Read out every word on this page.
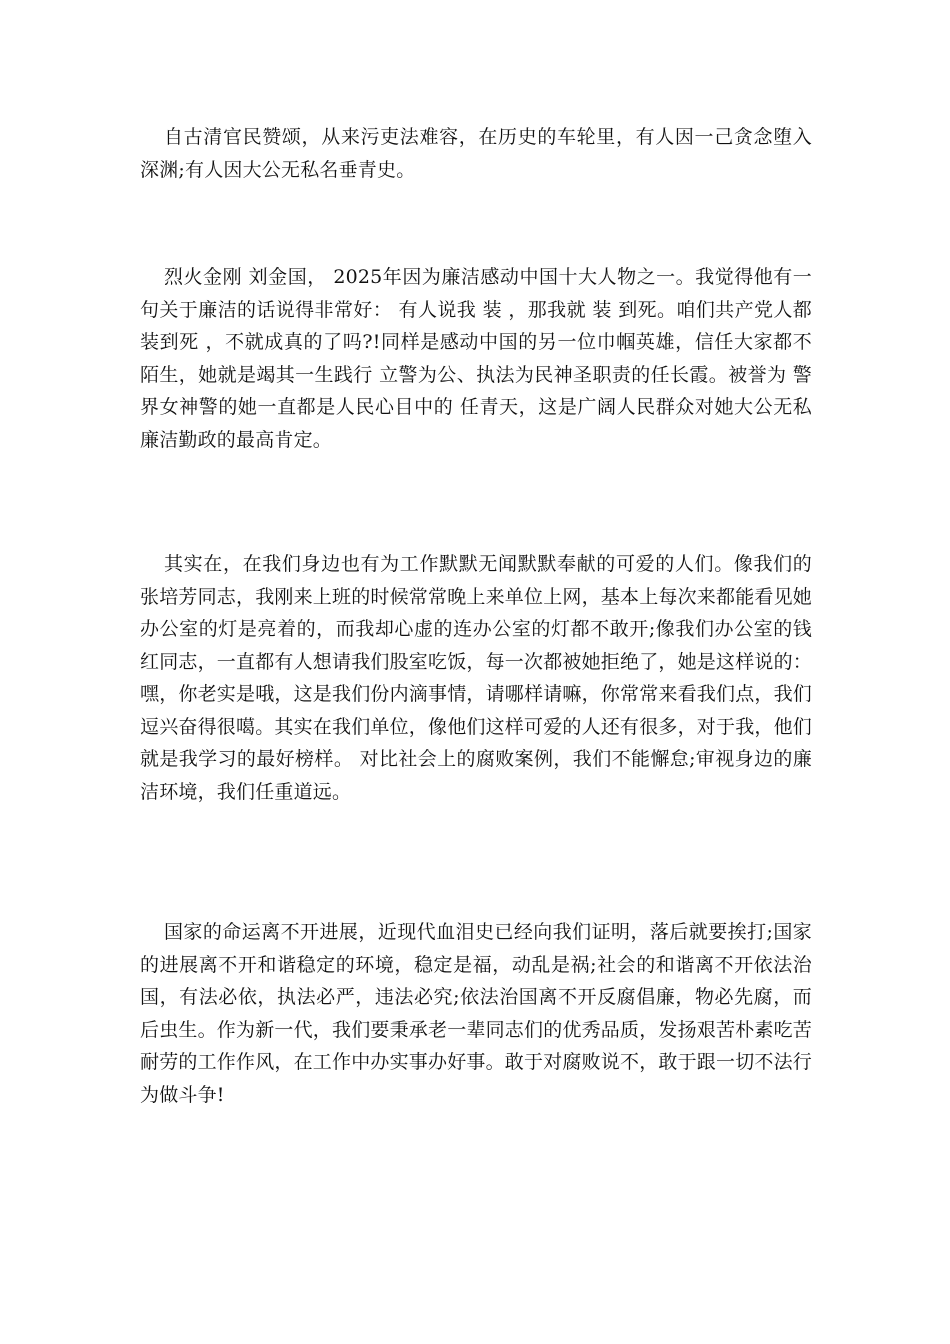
自古清官民赞颂，从来污吏法难容，在历史的车轮里，有人因一己贪念堕入深渊;有人因大公无私名垂青史。

烈火金刚 刘金国， 2025年因为廉洁感动中国十大人物之一。我觉得他有一句关于廉洁的话说得非常好： 有人说我 装 ，那我就 装 到死。咱们共产党人都 装到死 ，不就成真的了吗?!同样是感动中国的另一位巾帼英雄，信任大家都不陌生，她就是竭其一生践行 立警为公、执法为民神圣职责的任长霞。被誉为 警界女神警的她一直都是人民心目中的 任青天，这是广阔人民群众对她大公无私廉洁勤政的最高肯定。

其实在，在我们身边也有为工作默默无闻默默奉献的可爱的人们。像我们的张培芳同志，我刚来上班的时候常常晚上来单位上网，基本上每次来都能看见她办公室的灯是亮着的，而我却心虚的连办公室的灯都不敢开;像我们办公室的钱红同志，一直都有人想请我们股室吃饭，每一次都被她拒绝了，她是这样说的：嘿，你老实是哦，这是我们份内滴事情，请哪样请嘛，你常常来看我们点，我们逗兴奋得很噶。其实在我们单位，像他们这样可爱的人还有很多，对于我，他们就是我学习的最好榜样。 对比社会上的腐败案例，我们不能懈怠;审视身边的廉洁环境，我们任重道远。

国家的命运离不开进展，近现代血泪史已经向我们证明，落后就要挨打;国家的进展离不开和谐稳定的环境，稳定是福，动乱是祸;社会的和谐离不开依法治国，有法必依，执法必严，违法必究;依法治国离不开反腐倡廉，物必先腐，而后虫生。作为新一代，我们要秉承老一辈同志们的优秀品质，发扬艰苦朴素吃苦耐劳的工作作风，在工作中办实事办好事。敢于对腐败说不，敢于跟一切不法行为做斗争!
